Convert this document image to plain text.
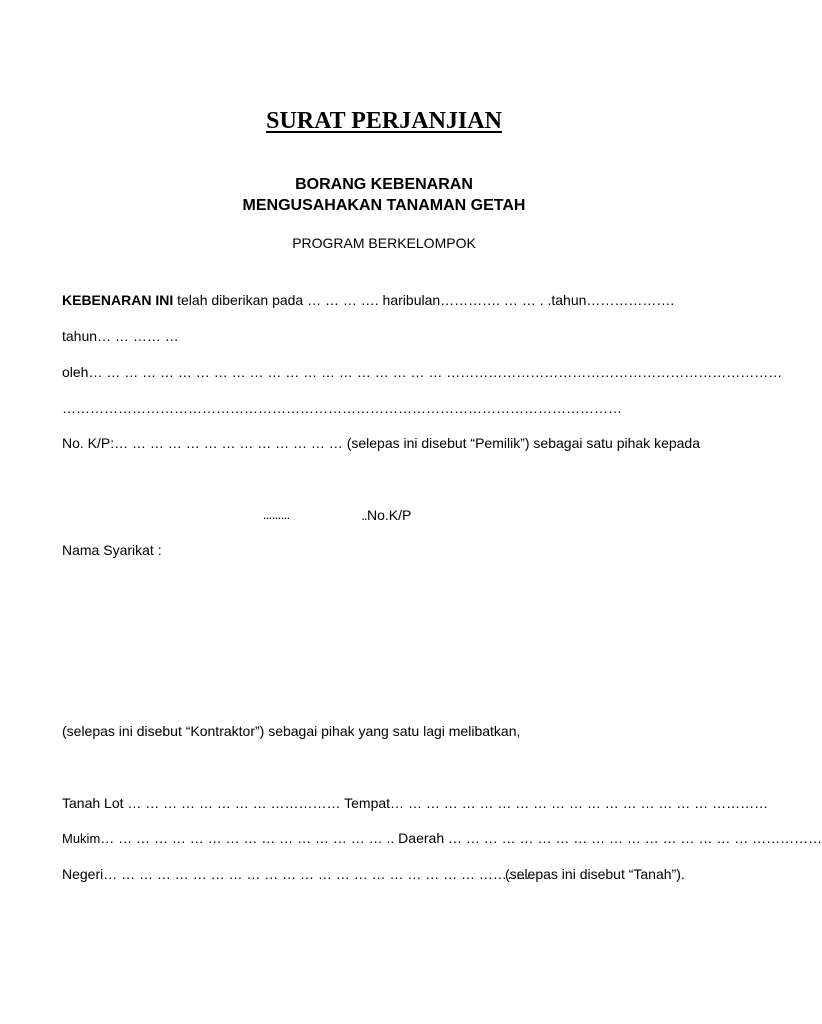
SURAT PERJANJIAN
BORANG KEBENARAN
MENGUSAHAKAN TANAMAN GETAH
PROGRAM BERKELOMPOK
KEBENARAN INI telah diberikan pada … … … …. haribulan…………. … … . .tahun……………….
tahun… … …… …
oleh… … … … … … … … … … … … … … … … … … … … ………………………………………………………………
…………………………………………………………………………………………………………
No. K/P:… … … … … … … … … … … … … (selepas ini disebut “Pemilik”) sebagai satu pihak kepada
………	..No.K/P
Nama Syarikat :
(selepas ini disebut “Kontraktor”) sebagai pihak yang satu lagi melibatkan,
Tanah Lot … … … … … … … … …………… Tempat… … … … … … … … … … … … … … … … … … …………
Mukim… … … … … … … … … … … … … … … … .. Daerah … … … … … … … … … … … … … … … … … ……………
Negeri… … … … … … … … … … … … … … … … … … … … … …………
(selepas ini disebut “Tanah”).
